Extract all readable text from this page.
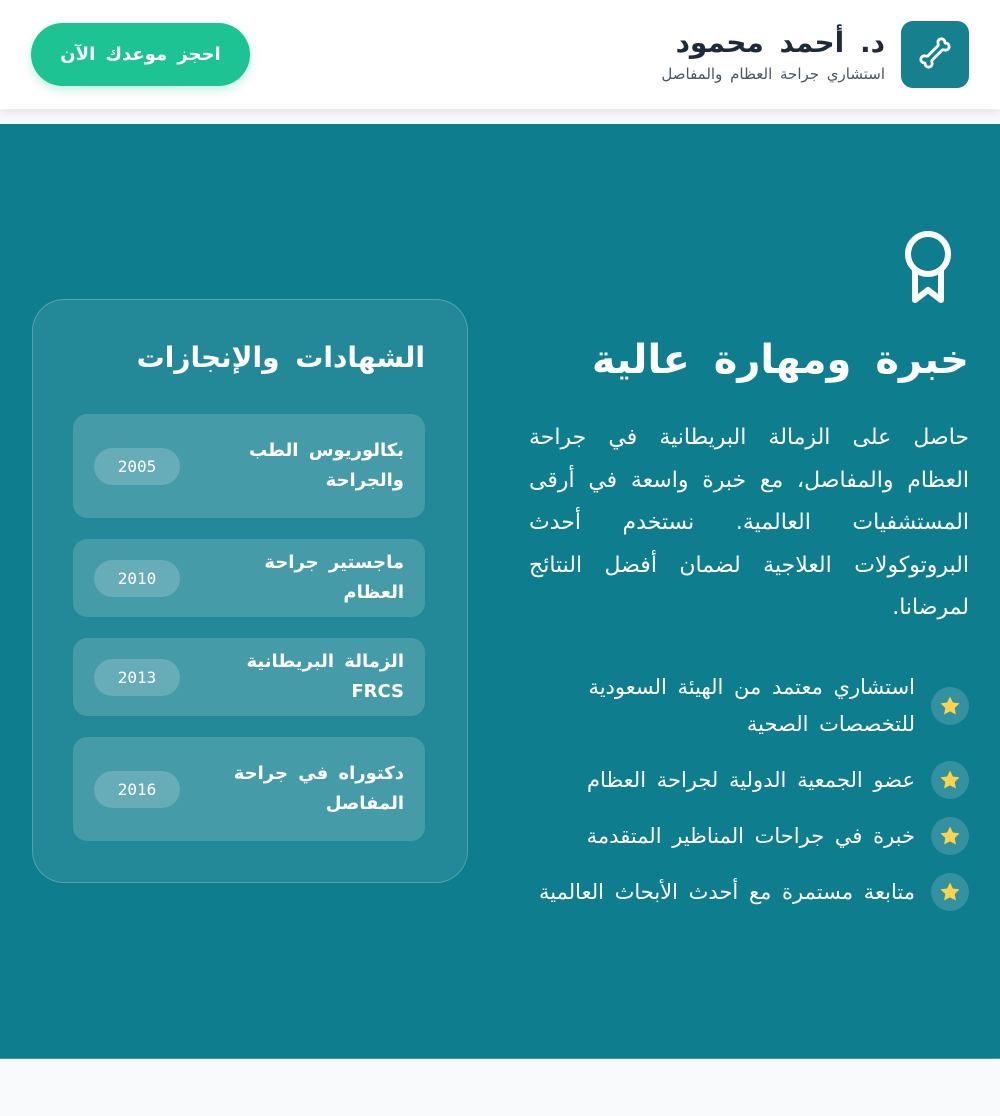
د. أحمد محمود
استشاري جراحة العظام والمفاصل
احجز موعدك الآن
خبرة ومهارة عالية

حاصل على الزمالة البريطانية في جراحة العظام والمفاصل، مع خبرة واسعة في أرقى المستشفيات العالمية. نستخدم أحدث البروتوكولات العلاجية لضمان أفضل النتائج لمرضانا.

استشاري معتمد من الهيئة السعودية للتخصصات الصحية
عضو الجمعية الدولية لجراحة العظام
خبرة في جراحات المناظير المتقدمة
متابعة مستمرة مع أحدث الأبحاث العالمية
الشهادات والإنجازات
بكالوريوس الطب والجراحة
2005
ماجستير جراحة العظام
2010
الزمالة البريطانية FRCS
2013
دكتوراه في جراحة المفاصل
2016
